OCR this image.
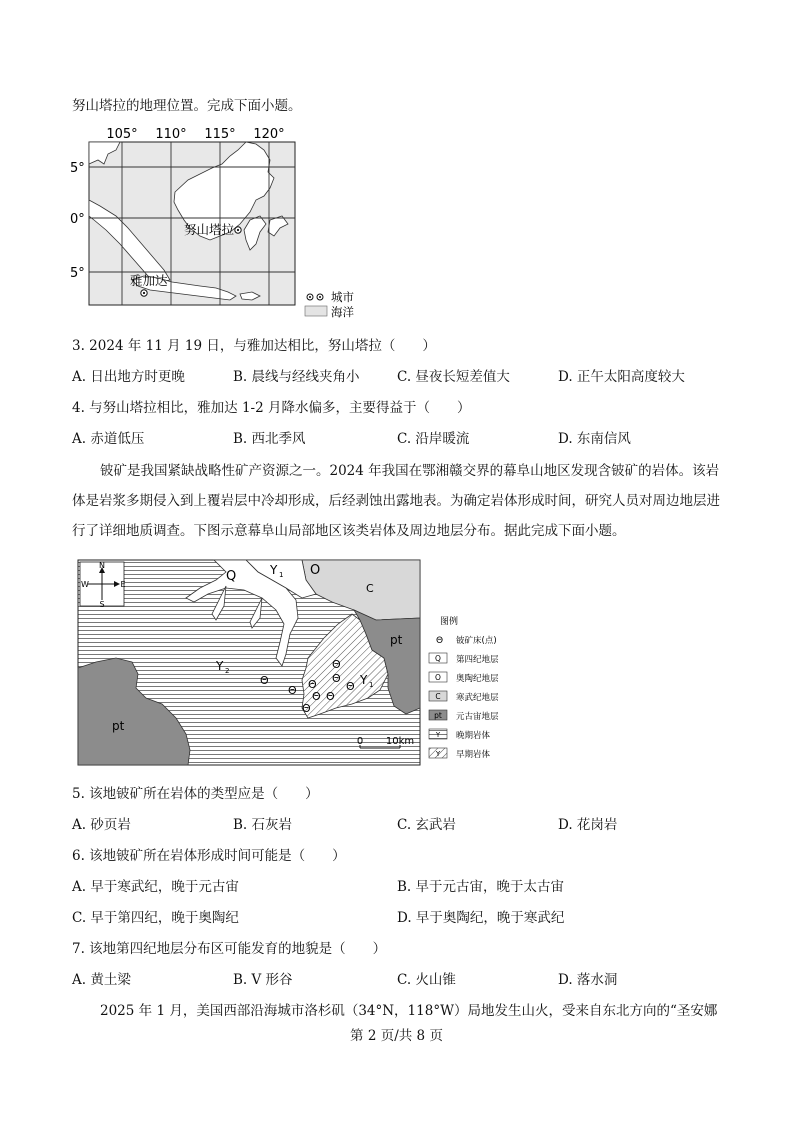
努山塔拉的地理位置。完成下面小题。
105° 110° 115° 120°
5°
0°
5°
努山塔拉
雅加达
城市
海洋
3. 2024 年 11 月 19 日，与雅加达相比，努山塔拉（　　）
A. 日出地方时更晚	B. 晨线与经线夹角小	C. 昼夜长短差值大	D. 正午太阳高度较大
4. 与努山塔拉相比，雅加达 1-2 月降水偏多，主要得益于（　　）
A. 赤道低压	B. 西北季风	C. 沿岸暖流	D. 东南信风
铍矿是我国紧缺战略性矿产资源之一。2024 年我国在鄂湘赣交界的幕阜山地区发现含铍矿的岩体。该岩体是岩浆多期侵入到上覆岩层中冷却形成，后经剥蚀出露地表。为确定岩体形成时间，研究人员对周边地层进行了详细地质调查。下图示意幕阜山局部地区该类岩体及周边地层分布。据此完成下面小题。
N
S
W	E
Q	Y 1 O
C
pt
Y 2
pt
Y 1
Θ
Θ Θ
Θ
Θ
Θ Θ
Θ
Θ
0 10km
图例
Θ 铍矿床(点)
Q 第四纪地层
O 奥陶纪地层
C 寒武纪地层
pt 元古宙地层
Y 晚期岩体
Y 早期岩体
5. 该地铍矿所在岩体的类型应是（　　）
A. 砂页岩	B. 石灰岩	C. 玄武岩	D. 花岗岩
6. 该地铍矿所在岩体形成时间可能是（　　）
A. 早于寒武纪，晚于元古宙	B. 早于元古宙，晚于太古宙
C. 早于第四纪，晚于奥陶纪	D. 早于奥陶纪，晚于寒武纪
7. 该地第四纪地层分布区可能发育的地貌是（　　）
A. 黄土梁	B. V 形谷	C. 火山锥	D. 落水洞
2025 年 1 月，美国西部沿海城市洛杉矶（34°N，118°W）局地发生山火，受来自东北方向的“圣安娜
第 2 页/共 8 页
